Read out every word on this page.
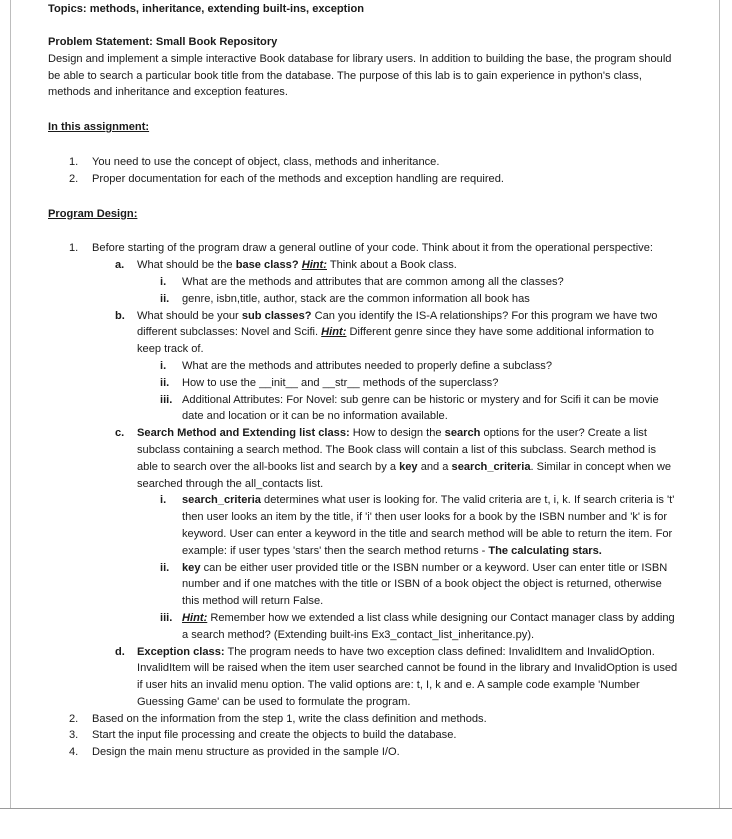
Topics: methods, inheritance, extending built-ins, exception
Problem Statement: Small Book Repository

Design and implement a simple interactive Book database for library users. In addition to building the base, the program should be able to search a particular book title from the database. The purpose of this lab is to gain experience in python's class, methods and inheritance and exception features.

In this assignment:
1. You need to use the concept of object, class, methods and inheritance.
2. Proper documentation for each of the methods and exception handling are required.
Program Design:
1. Before starting of the program draw a general outline of your code. Think about it from the operational perspective:
a. What should be the base class? Hint: Think about a Book class.
i. What are the methods and attributes that are common among all the classes?
ii. genre, isbn,title, author, stack are the common information all book has
b. What should be your sub classes? Can you identify the IS-A relationships? For this program we have two different subclasses: Novel and Scifi. Hint: Different genre since they have some additional information to keep track of.
i. What are the methods and attributes needed to properly define a subclass?
ii. How to use the __init__ and __str__ methods of the superclass?
iii. Additional Attributes: For Novel: sub genre can be historic or mystery and for Scifi it can be movie date and location or it can be no information available.
c. Search Method and Extending list class: How to design the search options for the user? Create a list subclass containing a search method. The Book class will contain a list of this subclass. Search method is able to search over the all-books list and search by a key and a search_criteria. Similar in concept when we searched through the all_contacts list.
i. search_criteria determines what user is looking for. The valid criteria are t, i, k. If search criteria is 't' then user looks an item by the title, if 'i' then user looks for a book by the ISBN number and 'k' is for keyword. User can enter a keyword in the title and search method will be able to return the item. For example: if user types 'stars' then the search method returns - The calculating stars.
ii. key can be either user provided title or the ISBN number or a keyword. User can enter title or ISBN number and if one matches with the title or ISBN of a book object the object is returned, otherwise this method will return False.
iii. Hint: Remember how we extended a list class while designing our Contact manager class by adding a search method? (Extending built-ins Ex3_contact_list_inheritance.py).
d. Exception class: The program needs to have two exception class defined: InvalidItem and InvalidOption. InvalidItem will be raised when the item user searched cannot be found in the library and InvalidOption is used if user hits an invalid menu option. The valid options are: t, I, k and e. A sample code example 'Number Guessing Game' can be used to formulate the program.
2. Based on the information from the step 1, write the class definition and methods.
3. Start the input file processing and create the objects to build the database.
4. Design the main menu structure as provided in the sample I/O.
